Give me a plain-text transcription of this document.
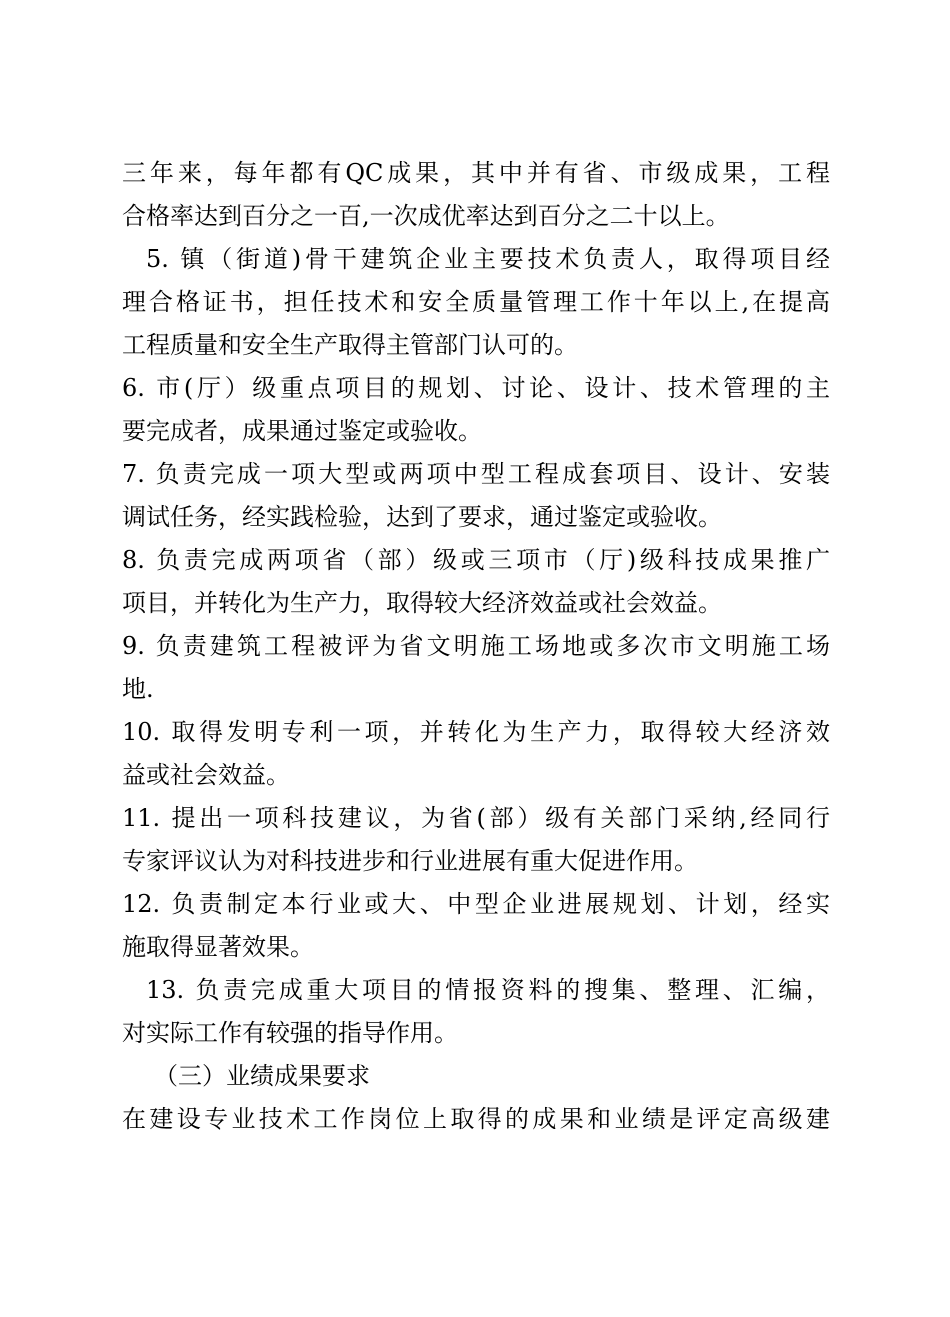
三年来，每年都有QC成果，其中并有省、市级成果，工程
合格率达到百分之一百,一次成优率达到百分之二十以上。
5. 镇（街道)骨干建筑企业主要技术负责人，取得项目经
理合格证书，担任技术和安全质量管理工作十年以上,在提高
工程质量和安全生产取得主管部门认可的。
6. 市(厅）级重点项目的规划、讨论、设计、技术管理的主
要完成者，成果通过鉴定或验收。
7. 负责完成一项大型或两项中型工程成套项目、设计、安装
调试任务，经实践检验，达到了要求，通过鉴定或验收。
8. 负责完成两项省（部）级或三项市（厅)级科技成果推广
项目，并转化为生产力，取得较大经济效益或社会效益。
9. 负责建筑工程被评为省文明施工场地或多次市文明施工场
地.
10. 取得发明专利一项，并转化为生产力，取得较大经济效
益或社会效益。
11. 提出一项科技建议，为省(部）级有关部门采纳,经同行
专家评议认为对科技进步和行业进展有重大促进作用。
12. 负责制定本行业或大、中型企业进展规划、计划，经实
施取得显著效果。
13. 负责完成重大项目的情报资料的搜集、整理、汇编，
对实际工作有较强的指导作用。
（三）业绩成果要求
在建设专业技术工作岗位上取得的成果和业绩是评定高级建
